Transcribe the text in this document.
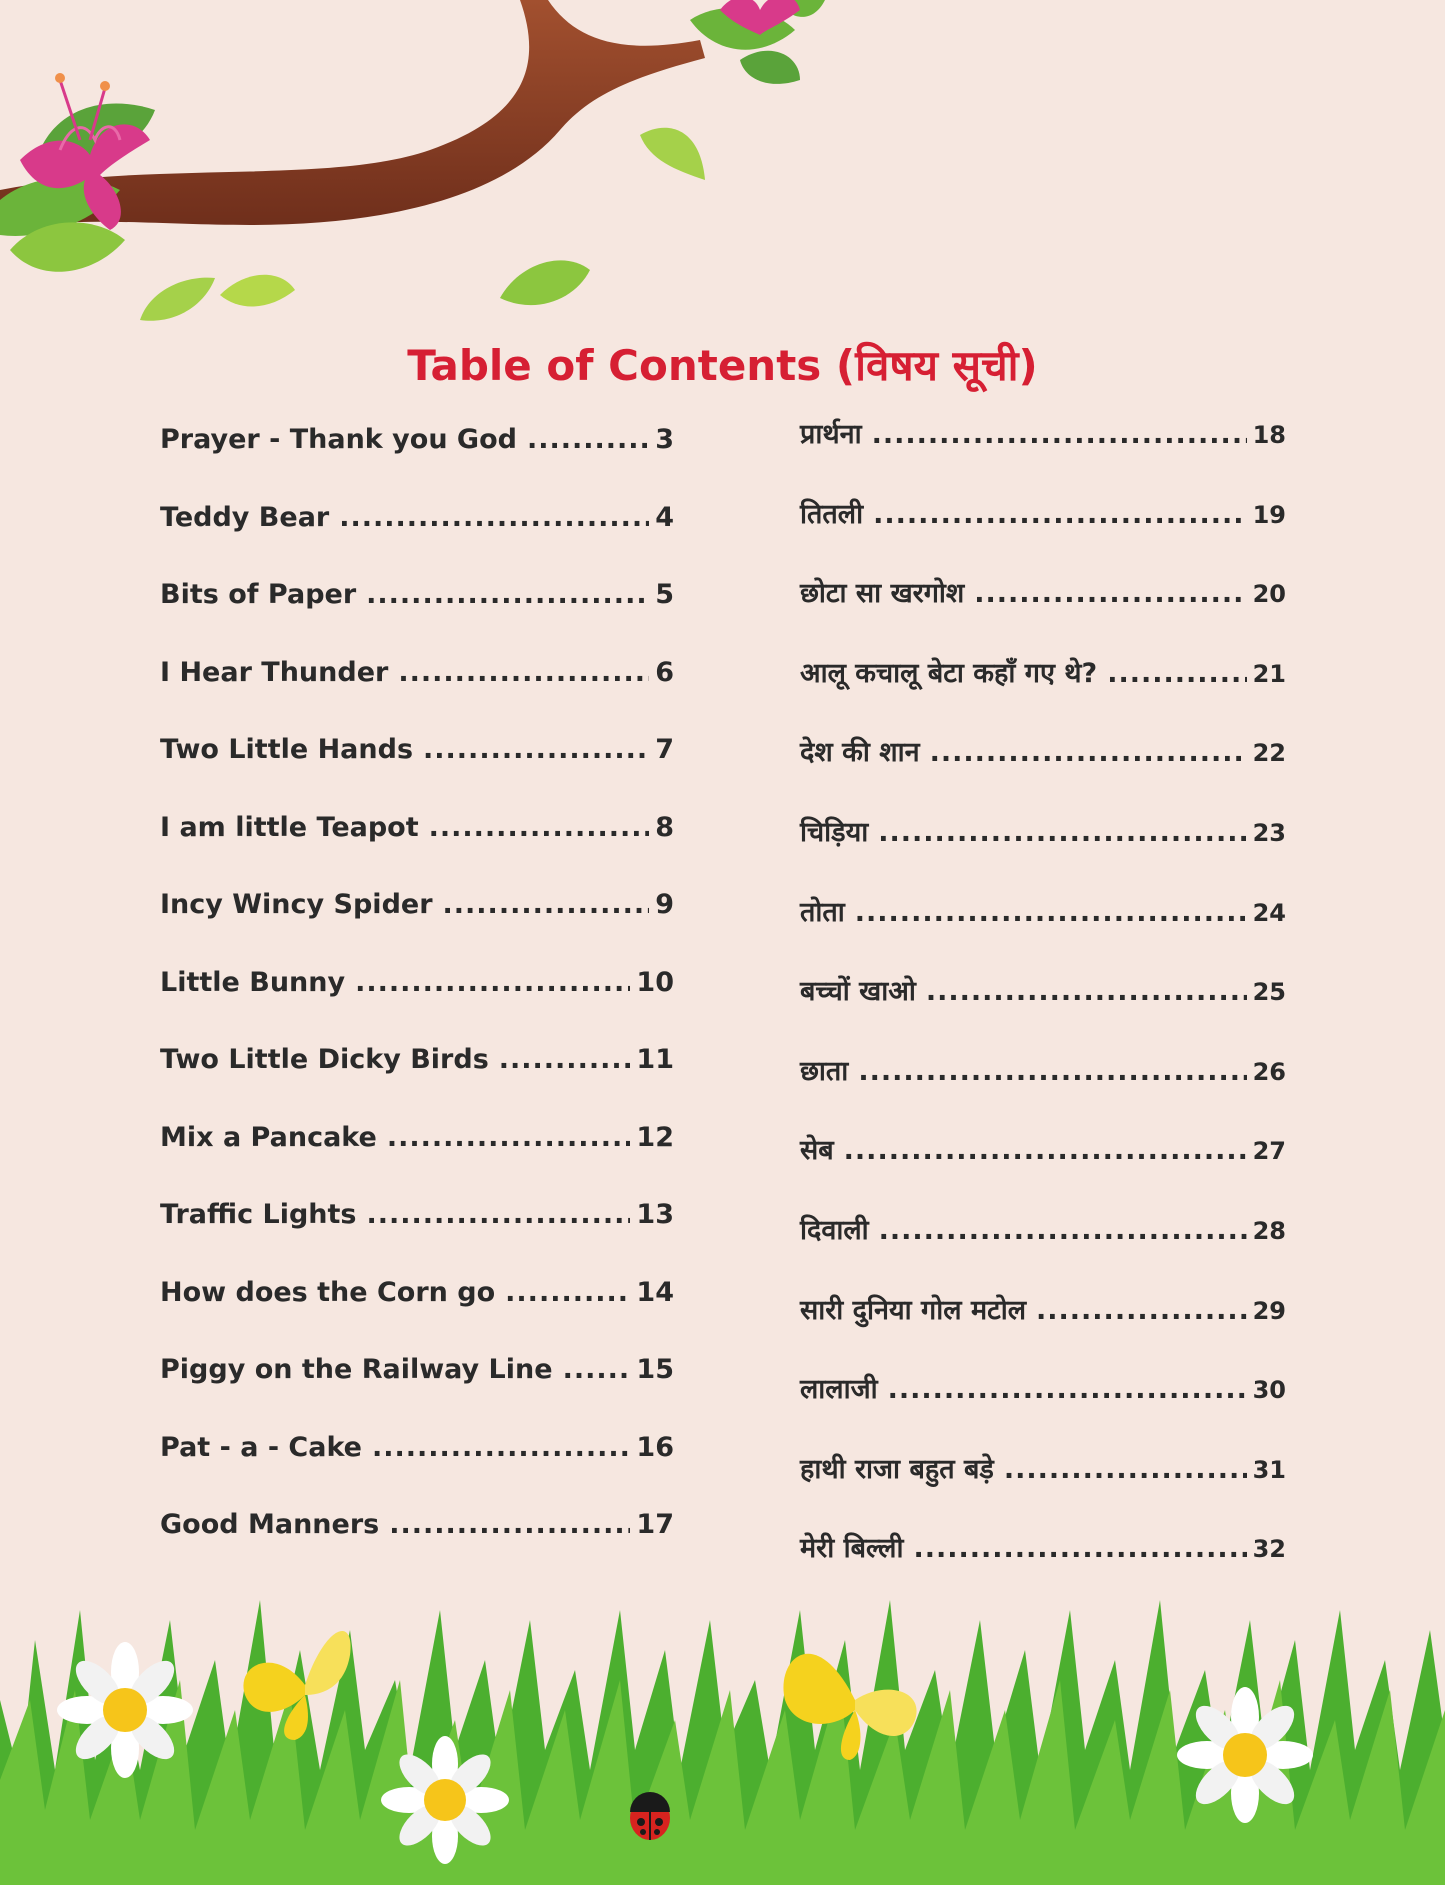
Table of Contents (विषय सूची)
Prayer - Thank you God .....	3
Teddy Bear .....	4
Bits of Paper .....	5
I Hear Thunder .....	6
Two Little Hands .....	7
I am little Teapot .....	8
Incy Wincy Spider .....	9
Little Bunny .....	10
Two Little Dicky Birds .....	11
Mix a Pancake .....	12
Traffic Lights .....	13
How does the Corn go .....	14
Piggy on the Railway Line .....	15
Pat - a - Cake .....	16
Good Manners .....	17
प्रार्थना .....	18
तितली .....	19
छोटा सा खरगोश .....	20
आलू कचालू बेटा कहाँ गए थे? .....	21
देश की शान .....	22
चिड़िया .....	23
तोता .....	24
बच्चों खाओ .....	25
छाता .....	26
सेब .....	27
दिवाली .....	28
सारी दुनिया गोल मटोल .....	29
लालाजी .....	30
हाथी राजा बहुत बड़े .....	31
मेरी बिल्ली .....	32
